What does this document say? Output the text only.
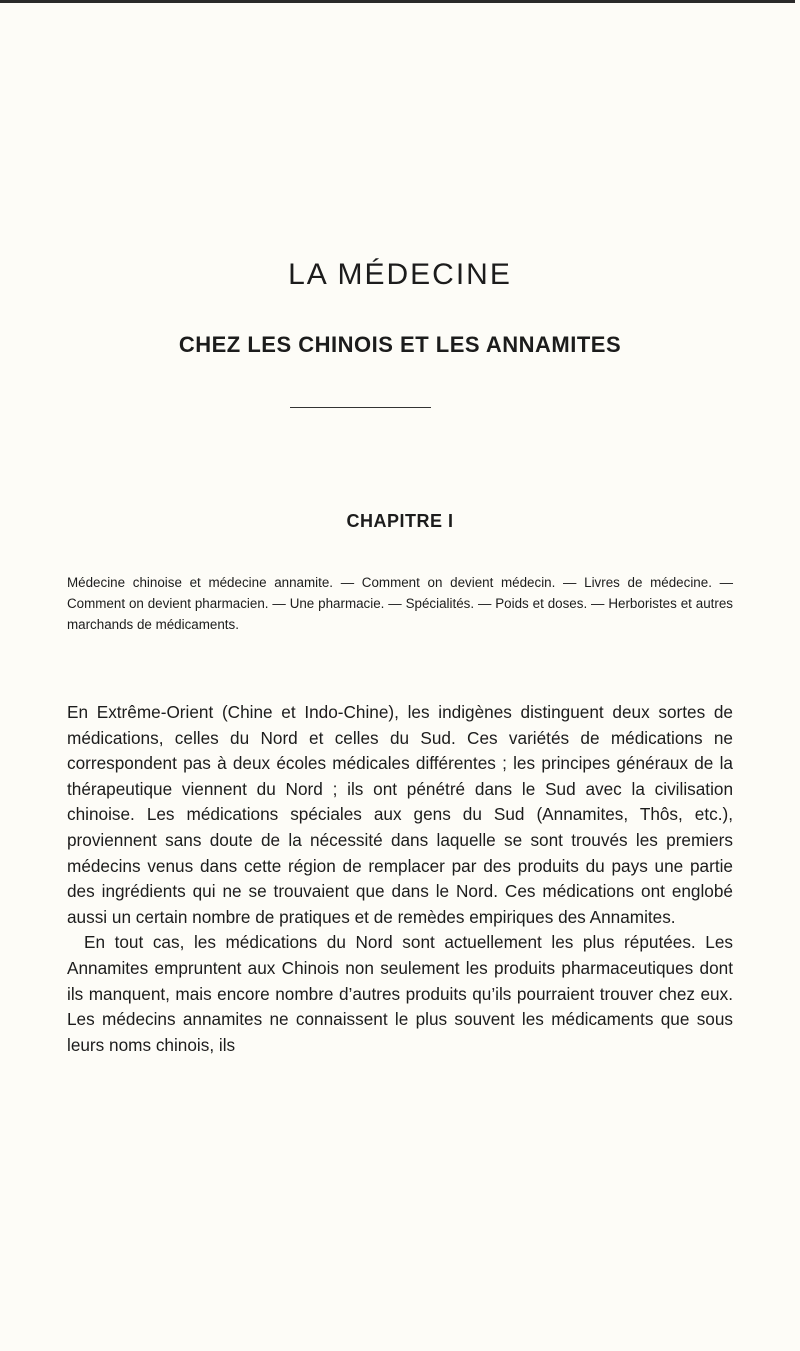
LA MÉDECINE
CHEZ LES CHINOIS ET LES ANNAMITES
CHAPITRE I

Médecine chinoise et médecine annamite. — Comment on devient médecin. — Livres de médecine. — Comment on devient pharmacien. — Une pharmacie. — Spécialités. — Poids et doses. — Herboristes et autres marchands de médicaments.

En Extrême-Orient (Chine et Indo-Chine), les indigènes distinguent deux sortes de médications, celles du Nord et celles du Sud. Ces variétés de médications ne correspondent pas à deux écoles médicales différentes ; les principes généraux de la thérapeutique viennent du Nord ; ils ont pénétré dans le Sud avec la civilisation chinoise. Les médications spéciales aux gens du Sud (Annamites, Thôs, etc.), proviennent sans doute de la nécessité dans laquelle se sont trouvés les premiers médecins venus dans cette région de remplacer par des produits du pays une partie des ingrédients qui ne se trouvaient que dans le Nord. Ces médications ont englobé aussi un certain nombre de pratiques et de remèdes empiriques des Annamites.

En tout cas, les médications du Nord sont actuellement les plus réputées. Les Annamites empruntent aux Chinois non seulement les produits pharmaceutiques dont ils manquent, mais encore nombre d’autres produits qu’ils pourraient trouver chez eux. Les médecins annamites ne connaissent le plus souvent les médicaments que sous leurs noms chinois, ils
